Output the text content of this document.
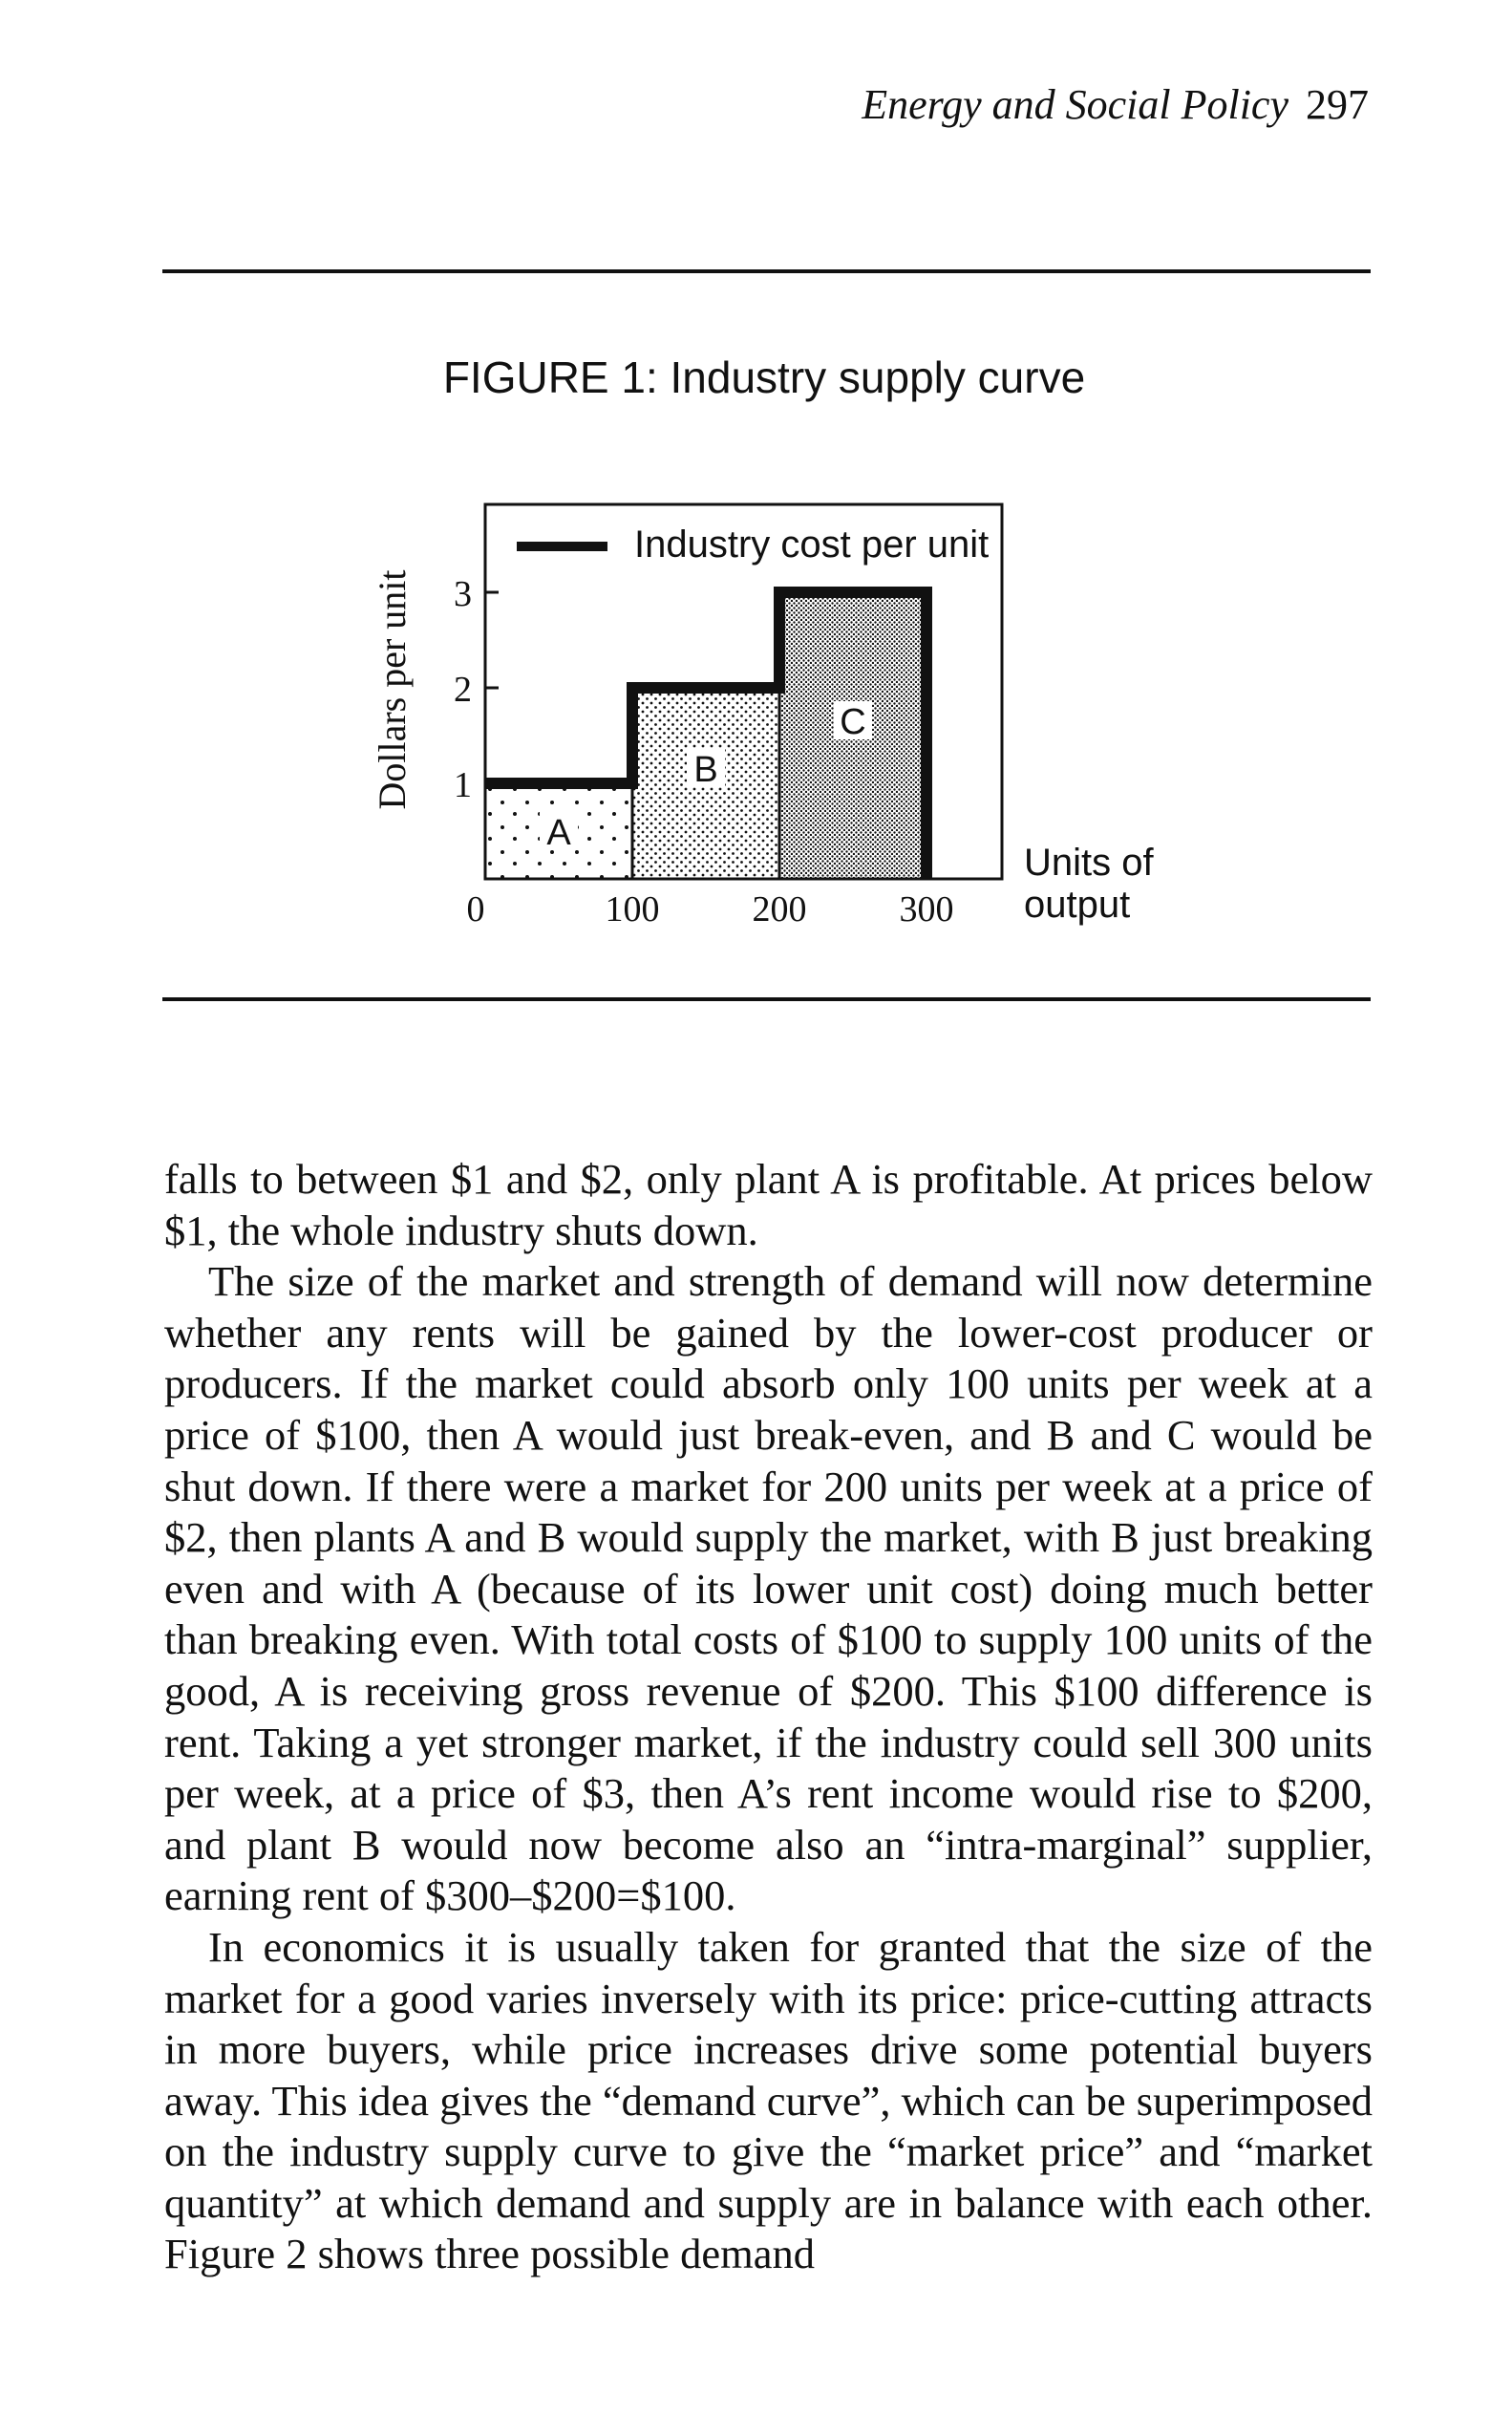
Energy and Social Policy 297
FIGURE 1: Industry supply curve
A
B
C
1
2
3
0	100	200	300
Industry cost per unit
Dollars per unit
Units of output

falls to between $1 and $2, only plant A is profitable. At prices below $1, the whole industry shuts down.

The size of the market and strength of demand will now determine whether any rents will be gained by the lower-cost producer or producers. If the market could absorb only 100 units per week at a price of $100, then A would just break-even, and B and C would be shut down. If there were a market for 200 units per week at a price of $2, then plants A and B would supply the market, with B just breaking even and with A (because of its lower unit cost) doing much better than breaking even. With total costs of $100 to supply 100 units of the good, A is receiving gross revenue of $200. This $100 difference is rent. Taking a yet stronger market, if the industry could sell 300 units per week, at a price of $3, then A’s rent income would rise to $200, and plant B would now become also an “intra-marginal” supplier, earning rent of $300–$200=$100.

In economics it is usually taken for granted that the size of the market for a good varies inversely with its price: price-cutting attracts in more buyers, while price increases drive some potential buyers away. This idea gives the “demand curve”, which can be superimposed on the industry supply curve to give the “market price” and “market quantity” at which demand and supply are in balance with each other. Figure 2 shows three possible demand
